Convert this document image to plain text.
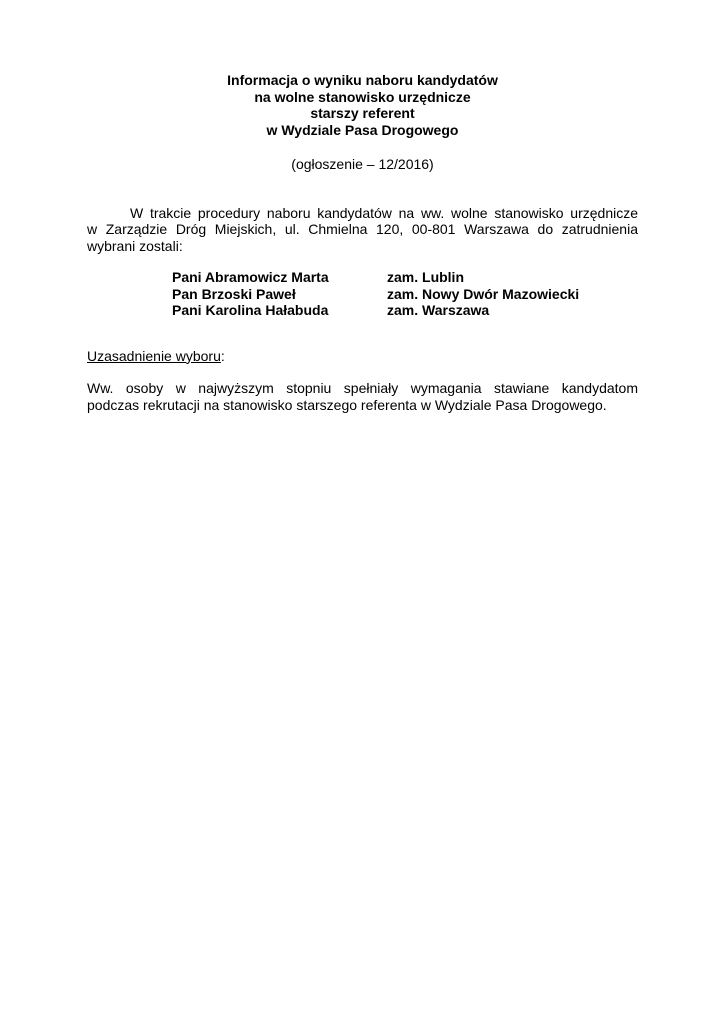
Informacja o wyniku naboru kandydatów
na wolne stanowisko urzędnicze
starszy referent
w Wydziale Pasa Drogowego
(ogłoszenie – 12/2016)
W trakcie procedury naboru kandydatów na ww. wolne stanowisko urzędnicze
w Zarządzie Dróg Miejskich, ul. Chmielna 120, 00-801 Warszawa do zatrudnienia
wybrani zostali:
Pani Abramowicz Marta	zam. Lublin
Pan Brzoski Paweł	zam. Nowy Dwór Mazowiecki
Pani Karolina Hałabuda	zam. Warszawa
Uzasadnienie wyboru:
Ww. osoby w najwyższym stopniu spełniały wymagania stawiane kandydatom
podczas rekrutacji na stanowisko starszego referenta w Wydziale Pasa Drogowego.
